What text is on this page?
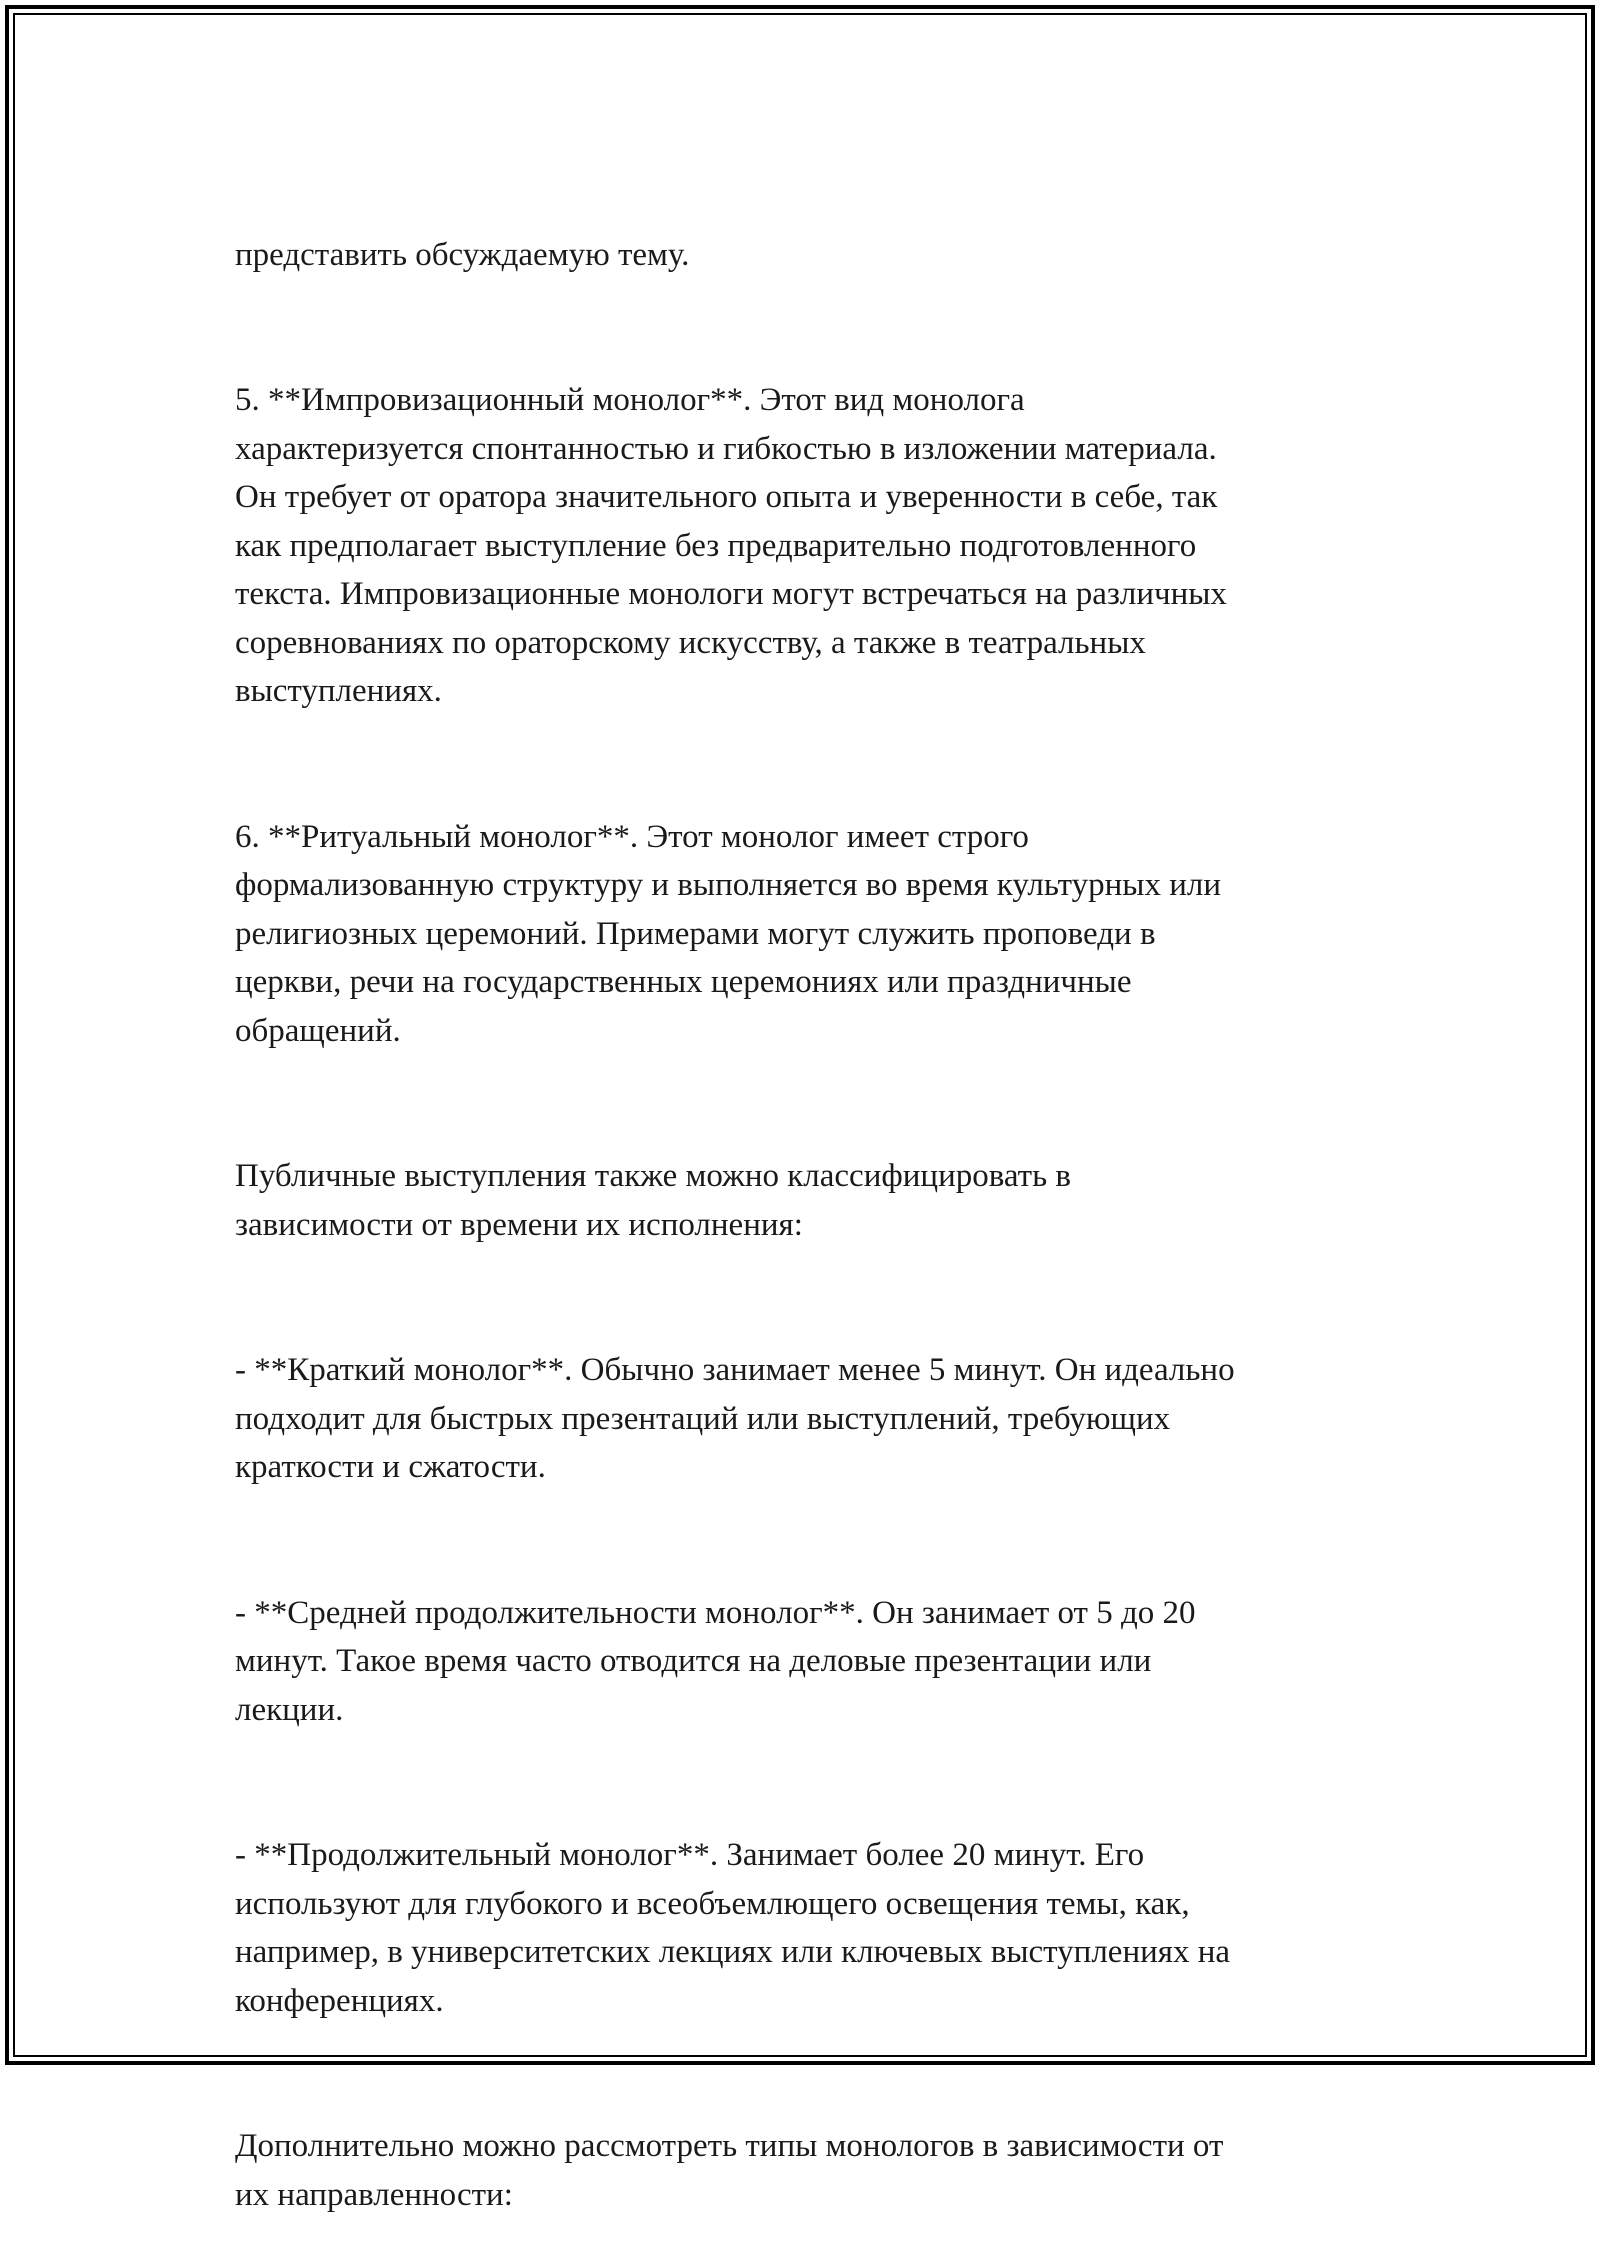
представить обсуждаемую тему.

5. **Импровизационный монолог**. Этот вид монолога
характеризуется спонтанностью и гибкостью в изложении материала.
Он требует от оратора значительного опыта и уверенности в себе, так
как предполагает выступление без предварительно подготовленного
текста. Импровизационные монологи могут встречаться на различных
соревнованиях по ораторскому искусству, а также в театральных
выступлениях.

6. **Ритуальный монолог**. Этот монолог имеет строго
формализованную структуру и выполняется во время культурных или
религиозных церемоний. Примерами могут служить проповеди в
церкви, речи на государственных церемониях или праздничные
обращений.

Публичные выступления также можно классифицировать в
зависимости от времени их исполнения:

- **Краткий монолог**. Обычно занимает менее 5 минут. Он идеально
подходит для быстрых презентаций или выступлений, требующих
краткости и сжатости.

- **Средней продолжительности монолог**. Он занимает от 5 до 20
минут. Такое время часто отводится на деловые презентации или
лекции.

- **Продолжительный монолог**. Занимает более 20 минут. Его
используют для глубокого и всеобъемлющего освещения темы, как,
например, в университетских лекциях или ключевых выступлениях на
конференциях.

Дополнительно можно рассмотреть типы монологов в зависимости от
их направленности:
